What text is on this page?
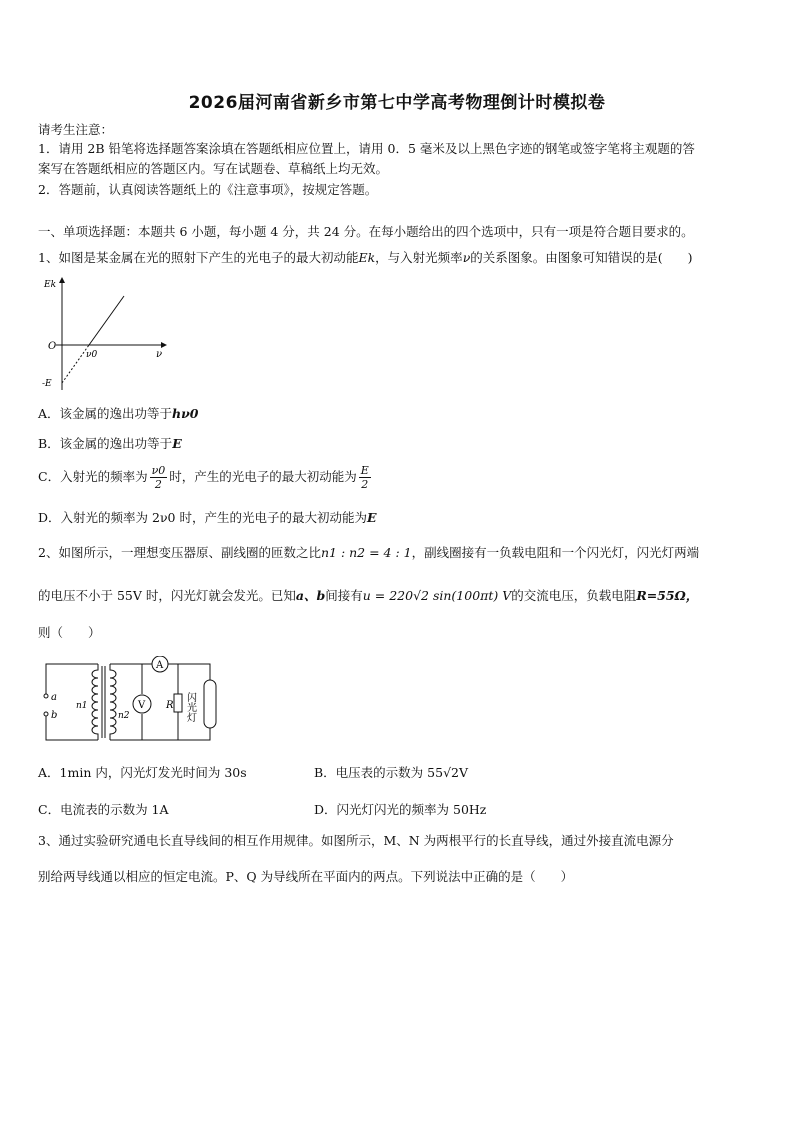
2026届河南省新乡市第七中学高考物理倒计时模拟卷
请考生注意：
1．请用 2B 铅笔将选择题答案涂填在答题纸相应位置上，请用 0．5 毫米及以上黑色字迹的钢笔或签字笔将主观题的答
案写在答题纸相应的答题区内。写在试题卷、草稿纸上均无效。
2．答题前，认真阅读答题纸上的《注意事项》，按规定答题。
一、单项选择题：本题共 6 小题，每小题 4 分，共 24 分。在每小题给出的四个选项中，只有一项是符合题目要求的。
1、如图是某金属在光的照射下产生的光电子的最大初动能Ek，与入射光频率ν的关系图象。由图象可知错误的是(　　)
Ek
O
ν
ν0
-E
A．该金属的逸出功等于hν0
B．该金属的逸出功等于E
C．入射光的频率为 $\frac{\nu 0}{2}$ 时，产生的光电子的最大初动能为 $\frac{E}{2}$
D．入射光的频率为 2ν0 时，产生的光电子的最大初动能为E
2、如图所示，一理想变压器原、副线圈的匝数之比n1 : n2 = 4 : 1，副线圈接有一负载电阻和一个闪光灯，闪光灯两端
的电压不小于 55V 时，闪光灯就会发光。已知a、b间接有u = 220√2 sin(100πt) V的交流电压，负载电阻R=55Ω，
则（　　）
a
b
n1
n2
A
V R 闪光灯
A．1min 内，闪光灯发光时间为 30s	B．电压表的示数为 55√2V
C．电流表的示数为 1A	D．闪光灯闪光的频率为 50Hz
3、通过实验研究通电长直导线间的相互作用规律。如图所示，M、N 为两根平行的长直导线，通过外接直流电源分
别给两导线通以相应的恒定电流。P、Q 为导线所在平面内的两点。下列说法中正确的是（　　）
